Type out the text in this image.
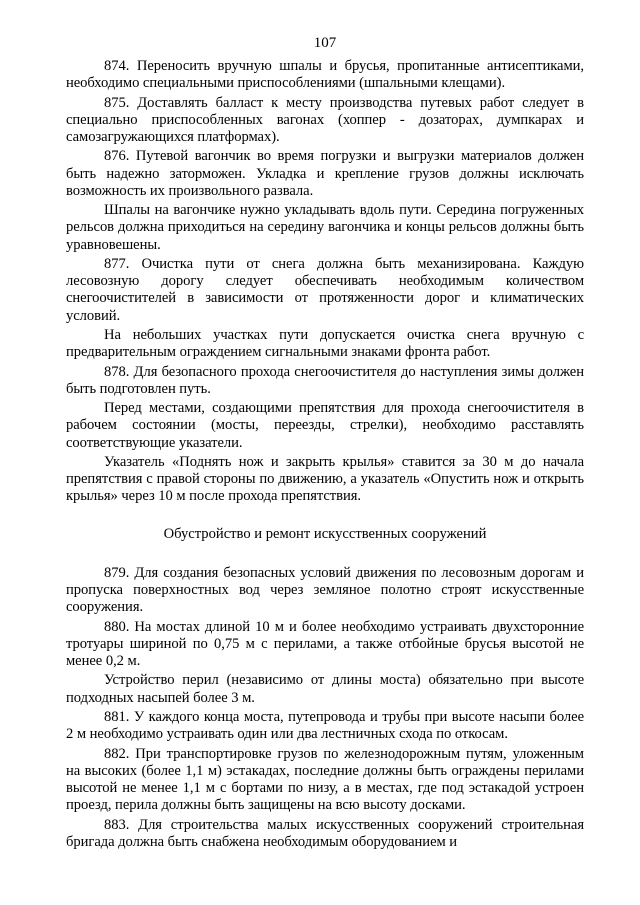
107

874. Переносить вручную шпалы и брусья, пропитанные антисептиками, необходимо специальными приспособлениями (шпальными клещами).

875. Доставлять балласт к месту производства путевых работ следует в специально приспособленных вагонах (хоппер - дозаторах, думпкарах и самозагружающихся платформах).

876. Путевой вагончик во время погрузки и выгрузки материалов должен быть надежно заторможен. Укладка и крепление грузов должны исключать возможность их произвольного развала.

Шпалы на вагончике нужно укладывать вдоль пути. Середина погруженных рельсов должна приходиться на середину вагончика и концы рельсов должны быть уравновешены.

877. Очистка пути от снега должна быть механизирована. Каждую лесовозную дорогу следует обеспечивать необходимым количеством снегоочистителей в зависимости от протяженности дорог и климатических условий.

На небольших участках пути допускается очистка снега вручную с предварительным ограждением сигнальными знаками фронта работ.

878. Для безопасного прохода снегоочистителя до наступления зимы должен быть подготовлен путь.

Перед местами, создающими препятствия для прохода снегоочистителя в рабочем состоянии (мосты, переезды, стрелки), необходимо расставлять соответствующие указатели.

Указатель «Поднять нож и закрыть крылья» ставится за 30 м до начала препятствия с правой стороны по движению, а указатель «Опустить нож и открыть крылья» через 10 м после прохода препятствия.

Обустройство и ремонт искусственных сооружений

879. Для создания безопасных условий движения по лесовозным дорогам и пропуска поверхностных вод через земляное полотно строят искусственные сооружения.

880. На мостах длиной 10 м и более необходимо устраивать двухсторонние тротуары шириной по 0,75 м с перилами, а также отбойные брусья высотой не менее 0,2 м.

Устройство перил (независимо от длины моста) обязательно при высоте подходных насыпей более 3 м.

881. У каждого конца моста, путепровода и трубы при высоте насыпи более 2 м необходимо устраивать один или два лестничных схода по откосам.

882. При транспортировке грузов по железнодорожным путям, уложенным на высоких (более 1,1 м) эстакадах, последние должны быть ограждены перилами высотой не менее 1,1 м с бортами по низу, а в местах, где под эстакадой устроен проезд, перила должны быть защищены на всю высоту досками.

883. Для строительства малых искусственных сооружений строительная бригада должна быть снабжена необходимым оборудованием и
